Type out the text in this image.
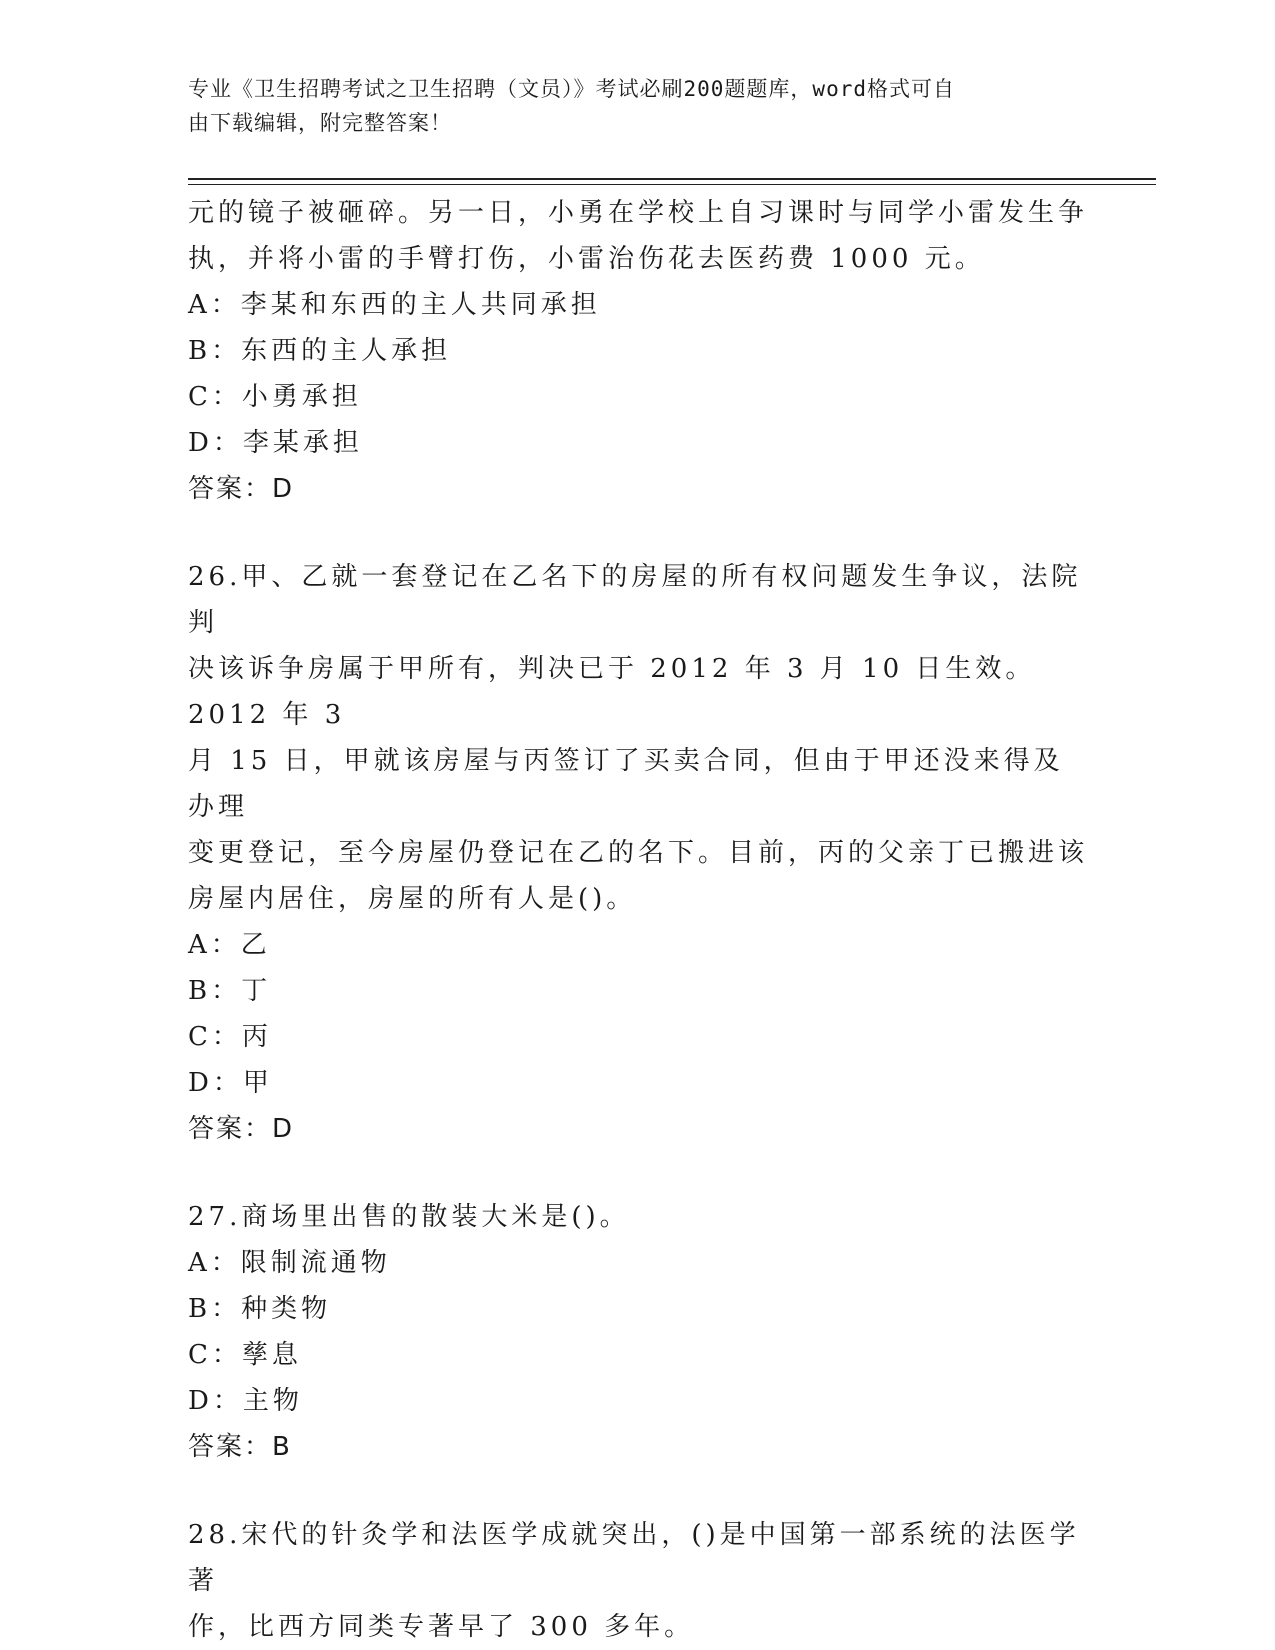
专业《卫生招聘考试之卫生招聘（文员）》考试必刷200题题库，word格式可自
由下载编辑，附完整答案！

元的镜子被砸碎。另一日，小勇在学校上自习课时与同学小雷发生争

执，并将小雷的手臂打伤，小雷治伤花去医药费 1000 元。

A：李某和东西的主人共同承担

B：东西的主人承担

C：小勇承担

D：李某承担

答案：D

26.甲、乙就一套登记在乙名下的房屋的所有权问题发生争议，法院判

决该诉争房属于甲所有，判决已于 2012 年 3 月 10 日生效。2012 年 3

月 15 日，甲就该房屋与丙签订了买卖合同，但由于甲还没来得及办理

变更登记，至今房屋仍登记在乙的名下。目前，丙的父亲丁已搬进该

房屋内居住，房屋的所有人是()。

A：乙

B：丁

C：丙

D：甲

答案：D

27.商场里出售的散装大米是()。

A：限制流通物

B：种类物

C：孳息

D：主物

答案：B

28.宋代的针灸学和法医学成就突出，()是中国第一部系统的法医学著

作，比西方同类专著早了 300 多年。
